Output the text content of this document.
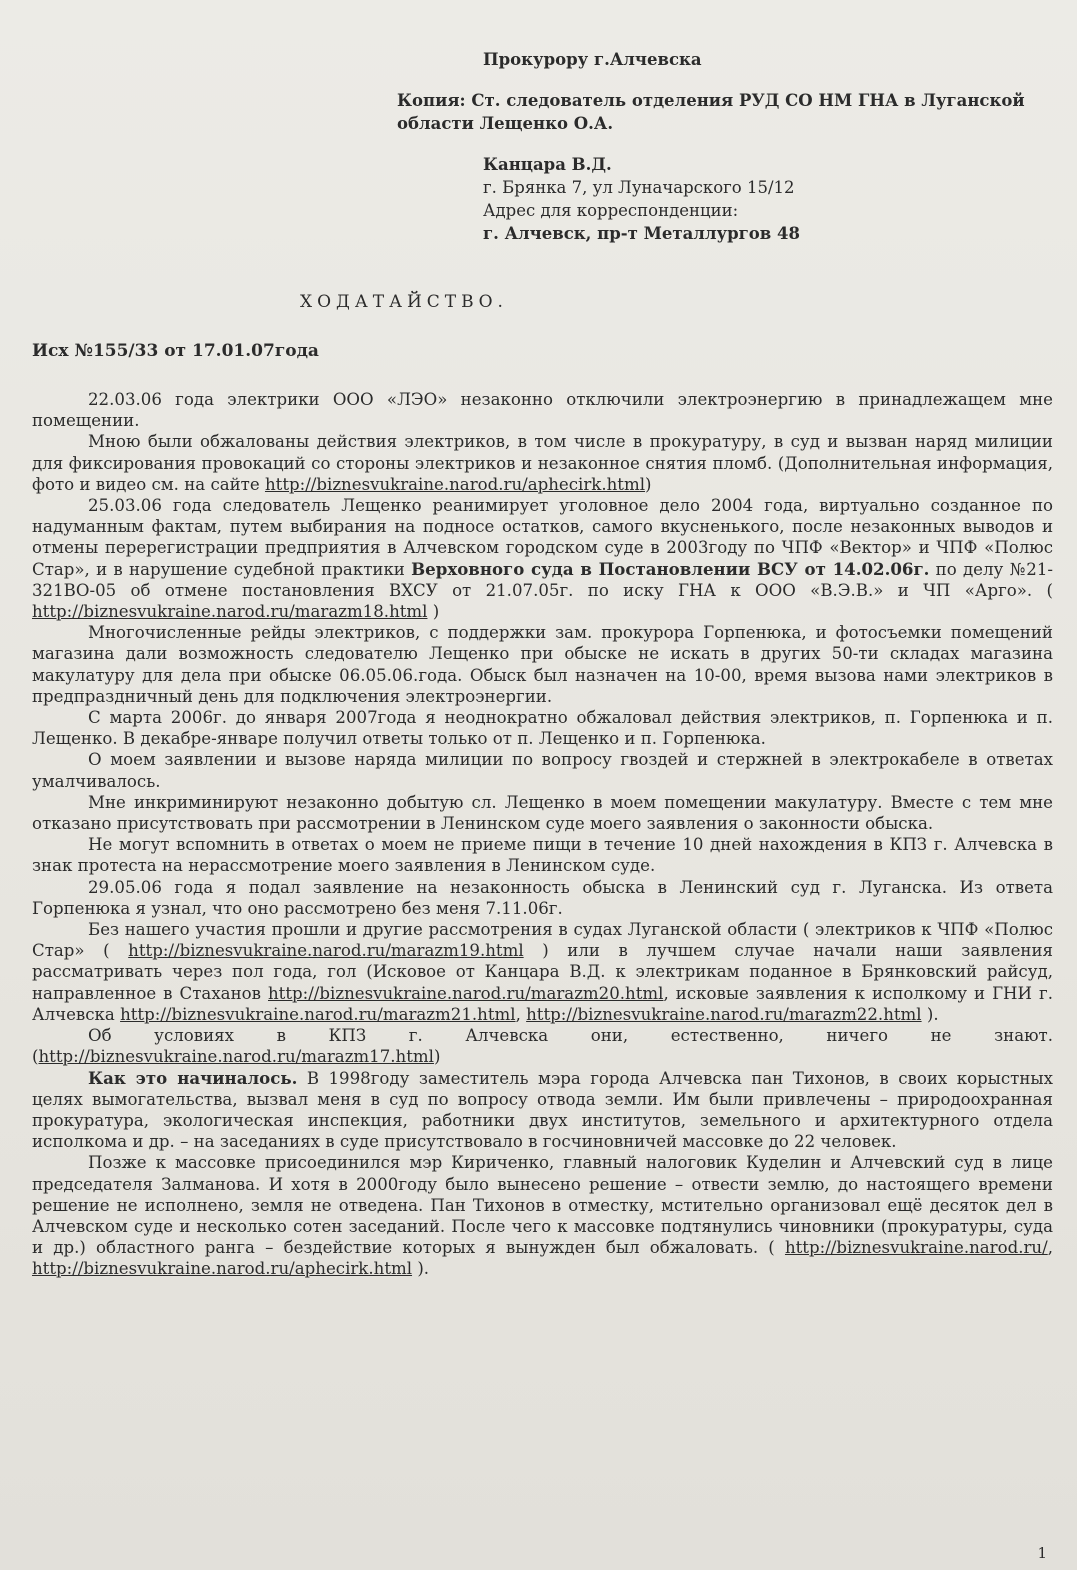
Прокурору г.Алчевска
Копия: Ст. следователь отделения РУД СО НМ ГНА в Луганской области Лещенко О.А.
Канцара В.Д.
г. Брянка 7, ул Луначарского 15/12
Адрес для корреспонденции:
г. Алчевск, пр-т Металлургов 48
ХОДАТАЙСТВО.
Исх №155/33 от 17.01.07года

22.03.06 года электрики ООО «ЛЭО» незаконно отключили электроэнергию в принадлежащем мне помещении.

Мною были обжалованы действия электриков, в том числе в прокуратуру, в суд и вызван наряд милиции для фиксирования провокаций со стороны электриков и незаконное снятия пломб. (Дополнительная информация, фото и видео см. на сайте http://biznesvukraine.narod.ru/aphecirk.html)

25.03.06 года следователь Лещенко реанимирует уголовное дело 2004 года, виртуально созданное по надуманным фактам, путем выбирания на подносе остатков, самого вкусненького, после незаконных выводов и отмены перерегистрации предприятия в Алчевском городском суде в 2003году по ЧПФ «Вектор» и ЧПФ «Полюс Стар», и в нарушение судебной практики Верховного суда в Постановлении ВСУ от 14.02.06г. по делу №21-321ВО-05 об отмене постановления ВХСУ от 21.07.05г. по иску ГНА к ООО «В.Э.В.» и ЧП «Арго». ( http://biznesvukraine.narod.ru/marazm18.html )

Многочисленные рейды электриков, с поддержки зам. прокурора Горпенюка, и фотосъемки помещений магазина дали возможность следователю Лещенко при обыске не искать в других 50-ти складах магазина макулатуру для дела при обыске 06.05.06.года. Обыск был назначен на 10-00, время вызова нами электриков в предпраздничный день для подключения электроэнергии.

С марта 2006г. до января 2007года я неоднократно обжаловал действия электриков, п. Горпенюка и п. Лещенко. В декабре-январе получил ответы только от п. Лещенко и п. Горпенюка.

О моем заявлении и вызове наряда милиции по вопросу гвоздей и стержней в электрокабеле в ответах умалчивалось.

Мне инкриминируют незаконно добытую сл. Лещенко в моем помещении макулатуру. Вместе с тем мне отказано присутствовать при рассмотрении в Ленинском суде моего заявления о законности обыска.

Не могут вспомнить в ответах о моем не приеме пищи в течение 10 дней нахождения в КПЗ г. Алчевска в знак протеста на нерассмотрение моего заявления в Ленинском суде.

29.05.06 года я подал заявление на незаконность обыска в Ленинский суд г. Луганска. Из ответа Горпенюка я узнал, что оно рассмотрено без меня 7.11.06г.

Без нашего участия прошли и другие рассмотрения в судах Луганской области ( электриков к ЧПФ «Полюс Стар» ( http://biznesvukraine.narod.ru/marazm19.html ) или в лучшем случае начали наши заявления рассматривать через пол года, гол (Исковое от Канцара В.Д. к электрикам поданное в Брянковский райсуд, направленное в Стаханов http://biznesvukraine.narod.ru/marazm20.html, исковые заявления к исполкому и ГНИ г. Алчевска http://biznesvukraine.narod.ru/marazm21.html, http://biznesvukraine.narod.ru/marazm22.html ).

Об условиях в КПЗ г. Алчевска они, естественно, ничего не знают. (http://biznesvukraine.narod.ru/marazm17.html)

Как это начиналось. В 1998году заместитель мэра города Алчевска пан Тихонов, в своих корыстных целях вымогательства, вызвал меня в суд по вопросу отвода земли. Им были привлечены – природоохранная прокуратура, экологическая инспекция, работники двух институтов, земельного и архитектурного отдела исполкома и др. – на заседаниях в суде присутствовало в госчиновничей массовке до 22 человек.

Позже к массовке присоединился мэр Кириченко, главный налоговик Куделин и Алчевский суд в лице председателя Залманова. И хотя в 2000году было вынесено решение – отвести землю, до настоящего времени решение не исполнено, земля не отведена. Пан Тихонов в отместку, мстительно организовал ещё десяток дел в Алчевском суде и несколько сотен заседаний. После чего к массовке подтянулись чиновники (прокуратуры, суда и др.) областного ранга – бездействие которых я вынужден был обжаловать. ( http://biznesvukraine.narod.ru/, http://biznesvukraine.narod.ru/aphecirk.html ).

1
